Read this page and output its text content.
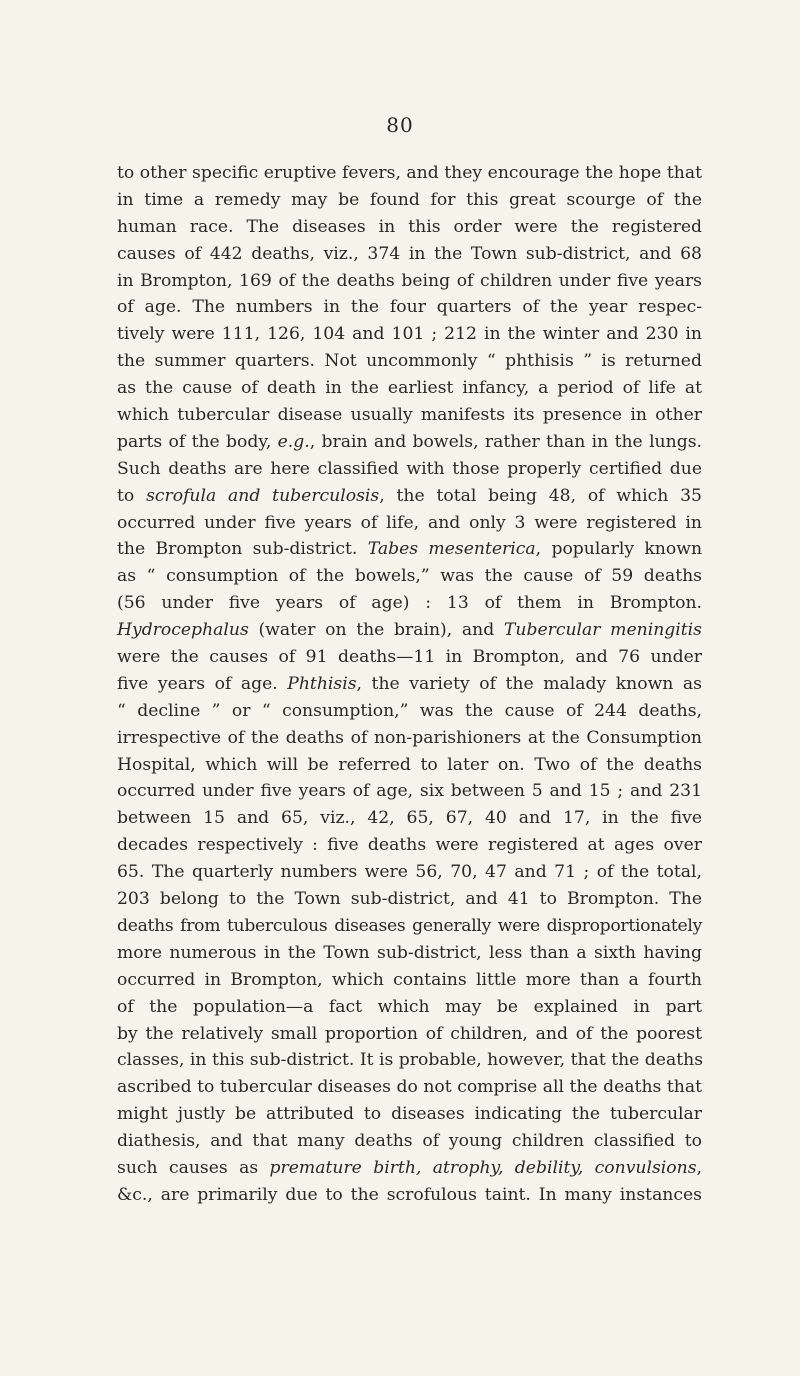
80
to other specific eruptive fevers, and they encourage the hope that
in time a remedy may be found for this great scourge of the
human race. The diseases in this order were the registered
causes of 442 deaths, viz., 374 in the Town sub-district, and 68
in Brompton, 169 of the deaths being of children under five years
of age. The numbers in the four quarters of the year respec-
tively were 111, 126, 104 and 101 ; 212 in the winter and 230 in
the summer quarters. Not uncommonly “ phthisis ” is returned
as the cause of death in the earliest infancy, a period of life at
which tubercular disease usually manifests its presence in other
parts of the body, e.g., brain and bowels, rather than in the lungs.
Such deaths are here classified with those properly certified due
to scrofula and tuberculosis, the total being 48, of which 35
occurred under five years of life, and only 3 were registered in
the Brompton sub-district. Tabes mesenterica, popularly known
as “ consumption of the bowels,” was the cause of 59 deaths
(56 under five years of age) : 13 of them in Brompton.
Hydrocephalus (water on the brain), and Tubercular meningitis
were the causes of 91 deaths—11 in Brompton, and 76 under
five years of age. Phthisis, the variety of the malady known as
“ decline ” or “ consumption,” was the cause of 244 deaths,
irrespective of the deaths of non-parishioners at the Consumption
Hospital, which will be referred to later on. Two of the deaths
occurred under five years of age, six between 5 and 15 ; and 231
between 15 and 65, viz., 42, 65, 67, 40 and 17, in the five
decades respectively : five deaths were registered at ages over
65. The quarterly numbers were 56, 70, 47 and 71 ; of the total,
203 belong to the Town sub-district, and 41 to Brompton. The
deaths from tuberculous diseases generally were disproportionately
more numerous in the Town sub-district, less than a sixth having
occurred in Brompton, which contains little more than a fourth
of the population—a fact which may be explained in part
by the relatively small proportion of children, and of the poorest
classes, in this sub-district. It is probable, however, that the deaths
ascribed to tubercular diseases do not comprise all the deaths that
might justly be attributed to diseases indicating the tubercular
diathesis, and that many deaths of young children classified to
such causes as premature birth, atrophy, debility, convulsions,
&c., are primarily due to the scrofulous taint. In many instances
